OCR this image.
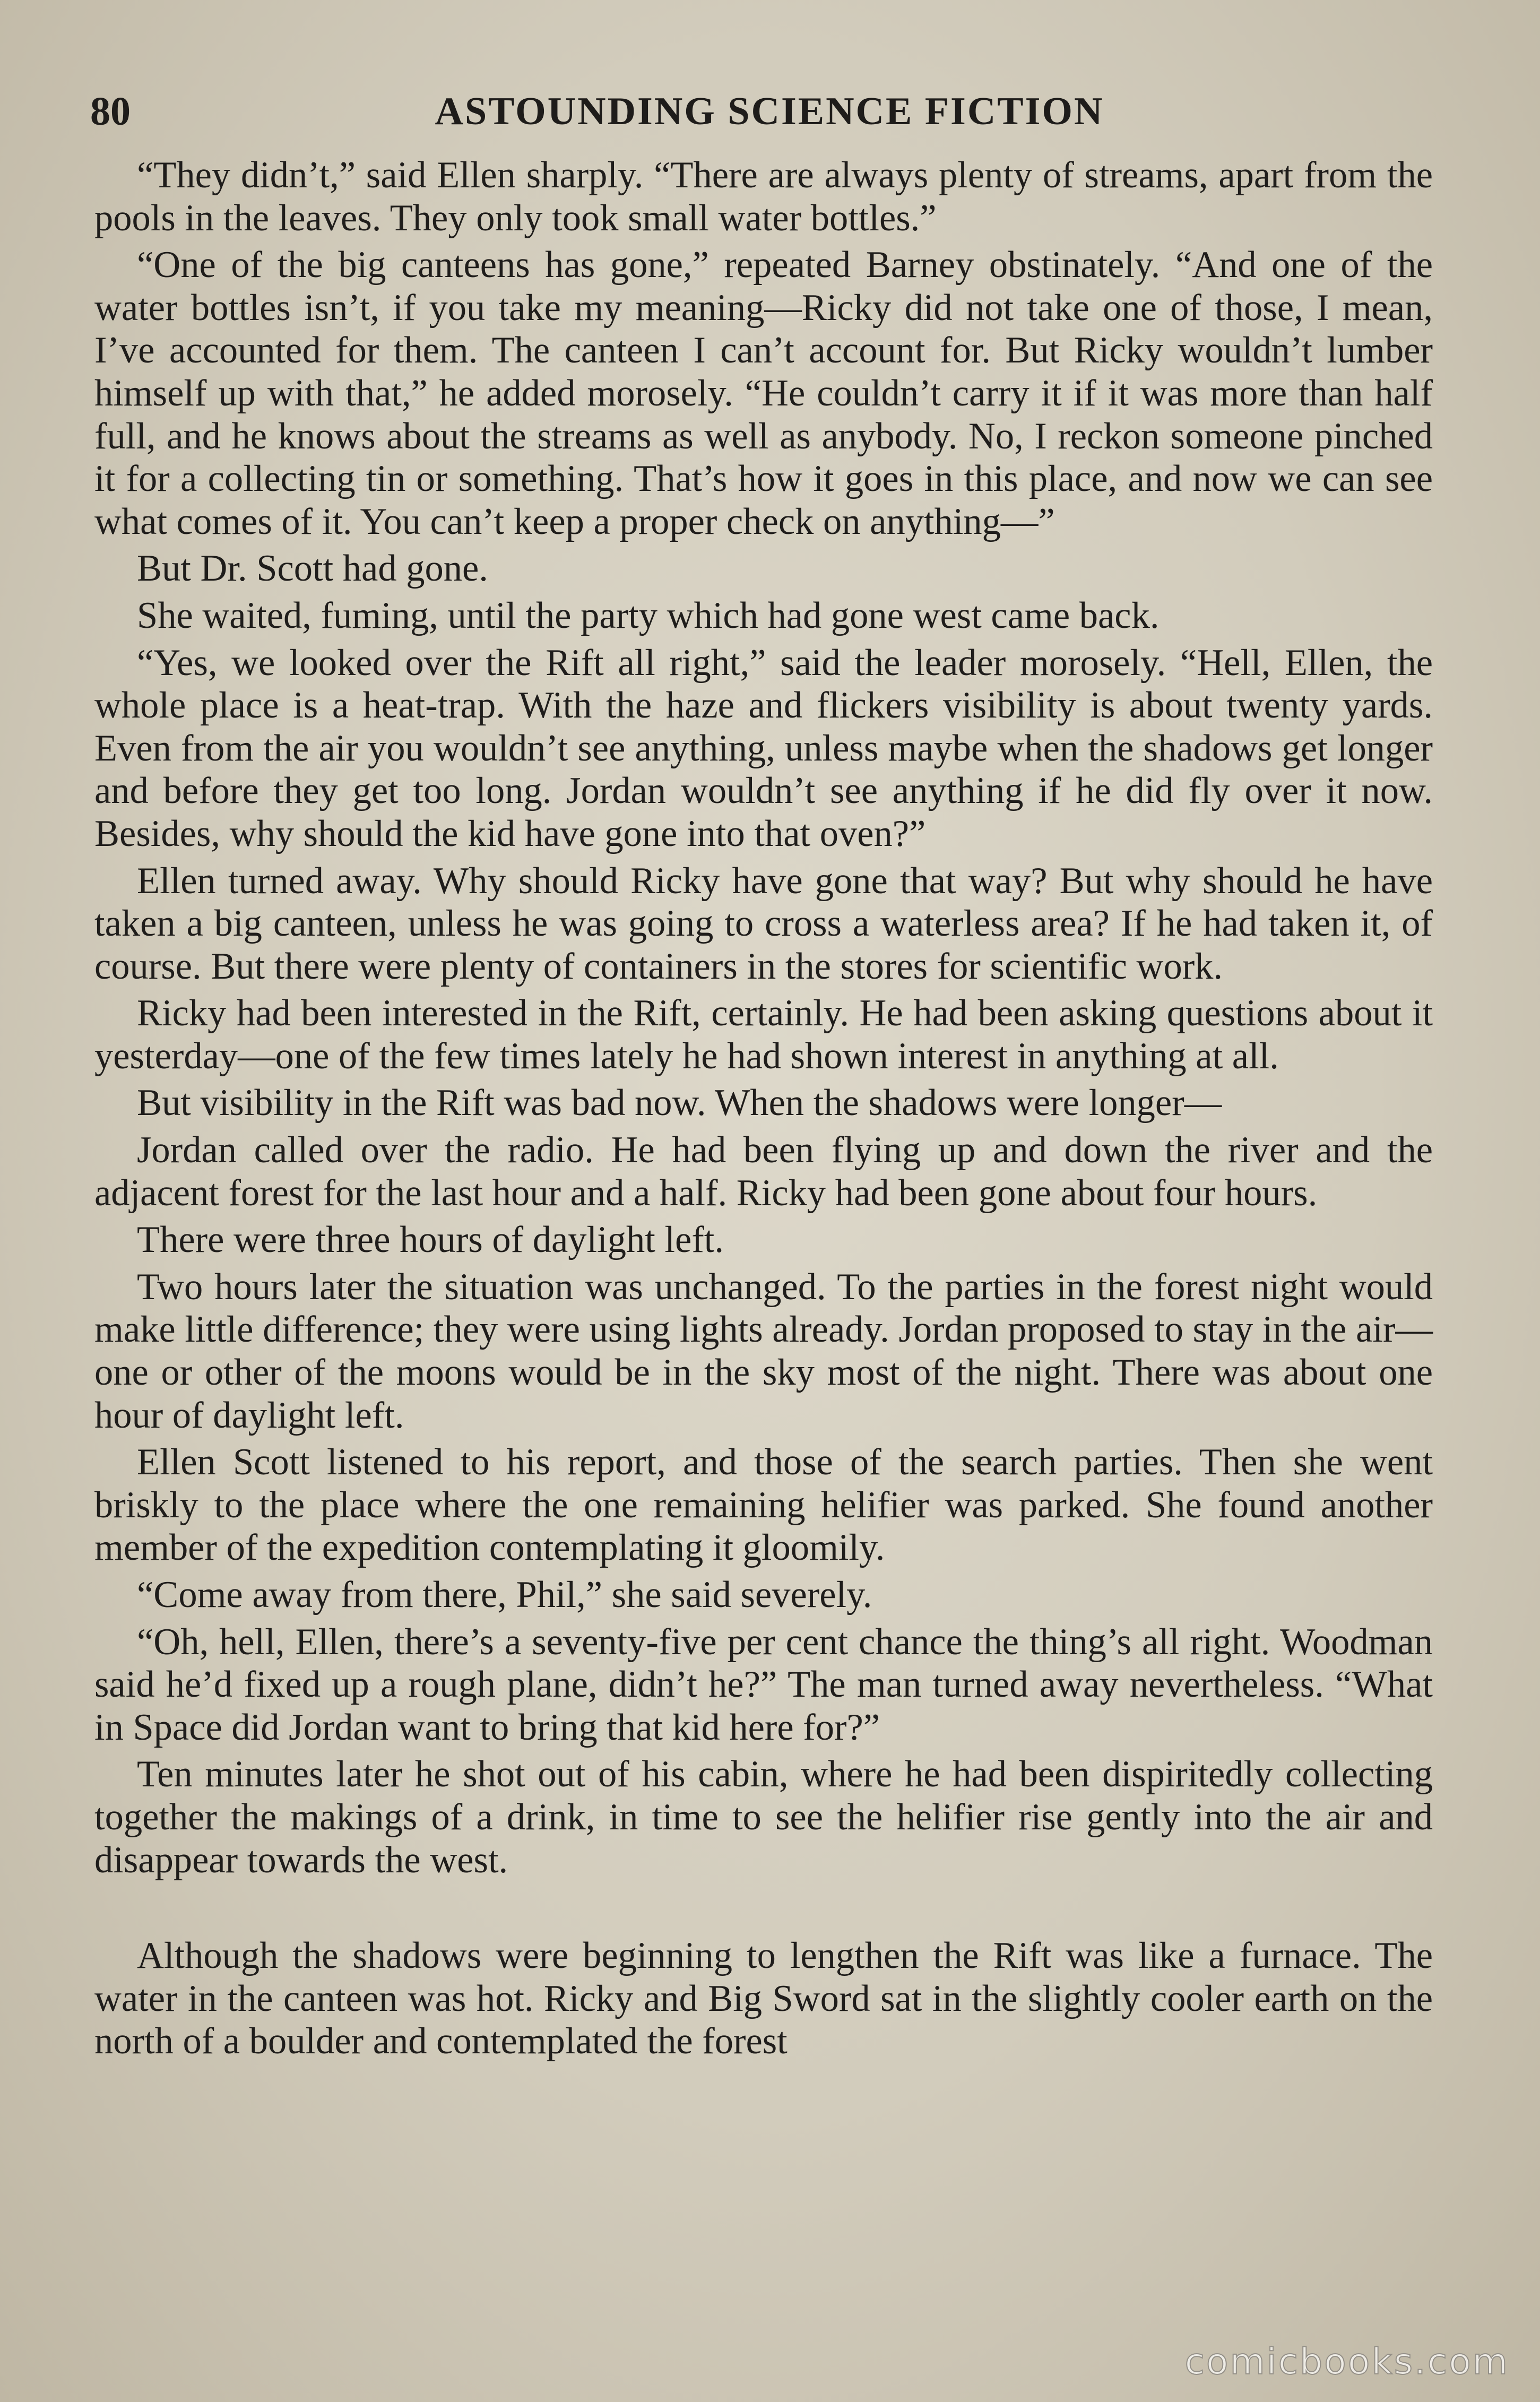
80	ASTOUNDING SCIENCE FICTION

“They didn’t,” said Ellen sharply. “There are always plenty of streams, apart from the pools in the leaves. They only took small water bottles.”

“One of the big canteens has gone,” repeated Barney obstinately. “And one of the water bottles isn’t, if you take my meaning—Ricky did not take one of those, I mean, I’ve accounted for them. The canteen I can’t account for. But Ricky wouldn’t lumber himself up with that,” he added morosely. “He couldn’t carry it if it was more than half full, and he knows about the streams as well as anybody. No, I reckon someone pinched it for a collecting tin or something. That’s how it goes in this place, and now we can see what comes of it. You can’t keep a proper check on anything—”

But Dr. Scott had gone.

She waited, fuming, until the party which had gone west came back.

“Yes, we looked over the Rift all right,” said the leader morosely. “Hell, Ellen, the whole place is a heat-trap. With the haze and flickers visibility is about twenty yards. Even from the air you wouldn’t see anything, unless maybe when the shadows get longer and before they get too long. Jordan wouldn’t see anything if he did fly over it now. Besides, why should the kid have gone into that oven?”

Ellen turned away. Why should Ricky have gone that way? But why should he have taken a big canteen, unless he was going to cross a waterless area? If he had taken it, of course. But there were plenty of containers in the stores for scientific work.

Ricky had been interested in the Rift, certainly. He had been asking questions about it yesterday—one of the few times lately he had shown interest in anything at all.

But visibility in the Rift was bad now. When the shadows were longer—

Jordan called over the radio. He had been flying up and down the river and the adjacent forest for the last hour and a half. Ricky had been gone about four hours.

There were three hours of daylight left.

Two hours later the situation was unchanged. To the parties in the forest night would make little difference; they were using lights already. Jordan proposed to stay in the air—one or other of the moons would be in the sky most of the night. There was about one hour of daylight left.

Ellen Scott listened to his report, and those of the search parties. Then she went briskly to the place where the one remaining helifier was parked. She found another member of the expedition contemplating it gloomily.

“Come away from there, Phil,” she said severely.

“Oh, hell, Ellen, there’s a seventy-five per cent chance the thing’s all right. Woodman said he’d fixed up a rough plane, didn’t he?” The man turned away nevertheless. “What in Space did Jordan want to bring that kid here for?”

Ten minutes later he shot out of his cabin, where he had been dispiritedly collecting together the makings of a drink, in time to see the helifier rise gently into the air and disappear towards the west.

Although the shadows were beginning to lengthen the Rift was like a furnace. The water in the canteen was hot. Ricky and Big Sword sat in the slightly cooler earth on the north of a boulder and contemplated the forest

comicbooks.com
